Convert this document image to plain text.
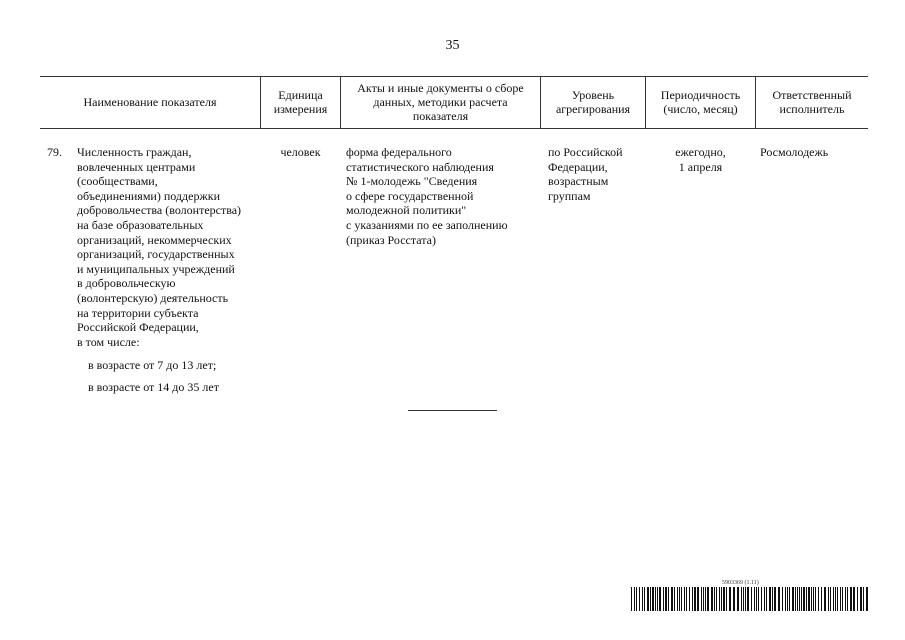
35
Наименование показателя	Единица
измерения
Акты и иные документы о сборе
данных, методики расчета
показателя
Уровень
агрегирования
Периодичность
(число, месяц)
Ответственный
исполнитель
79. Численность граждан,
вовлеченных центрами
(сообществами,
объединениями) поддержки
добровольчества (волонтерства)
на базе образовательных
организаций, некоммерческих
организаций, государственных
и муниципальных учреждений
в добровольческую
(волонтерскую) деятельность
на территории субъекта
Российской Федерации,
в том числе:
человек	форма федерального
статистического наблюдения
№ 1-молодежь "Сведения
о сфере государственной
молодежной политики"
с указаниями по ее заполнению
(приказ Росстата)
по Российской
Федерации,
возрастным
группам
ежегодно,
1 апреля
Росмолодежь
в возрасте от 7 до 13 лет;
в возрасте от 14 до 35 лет
5903369 (1.11)
